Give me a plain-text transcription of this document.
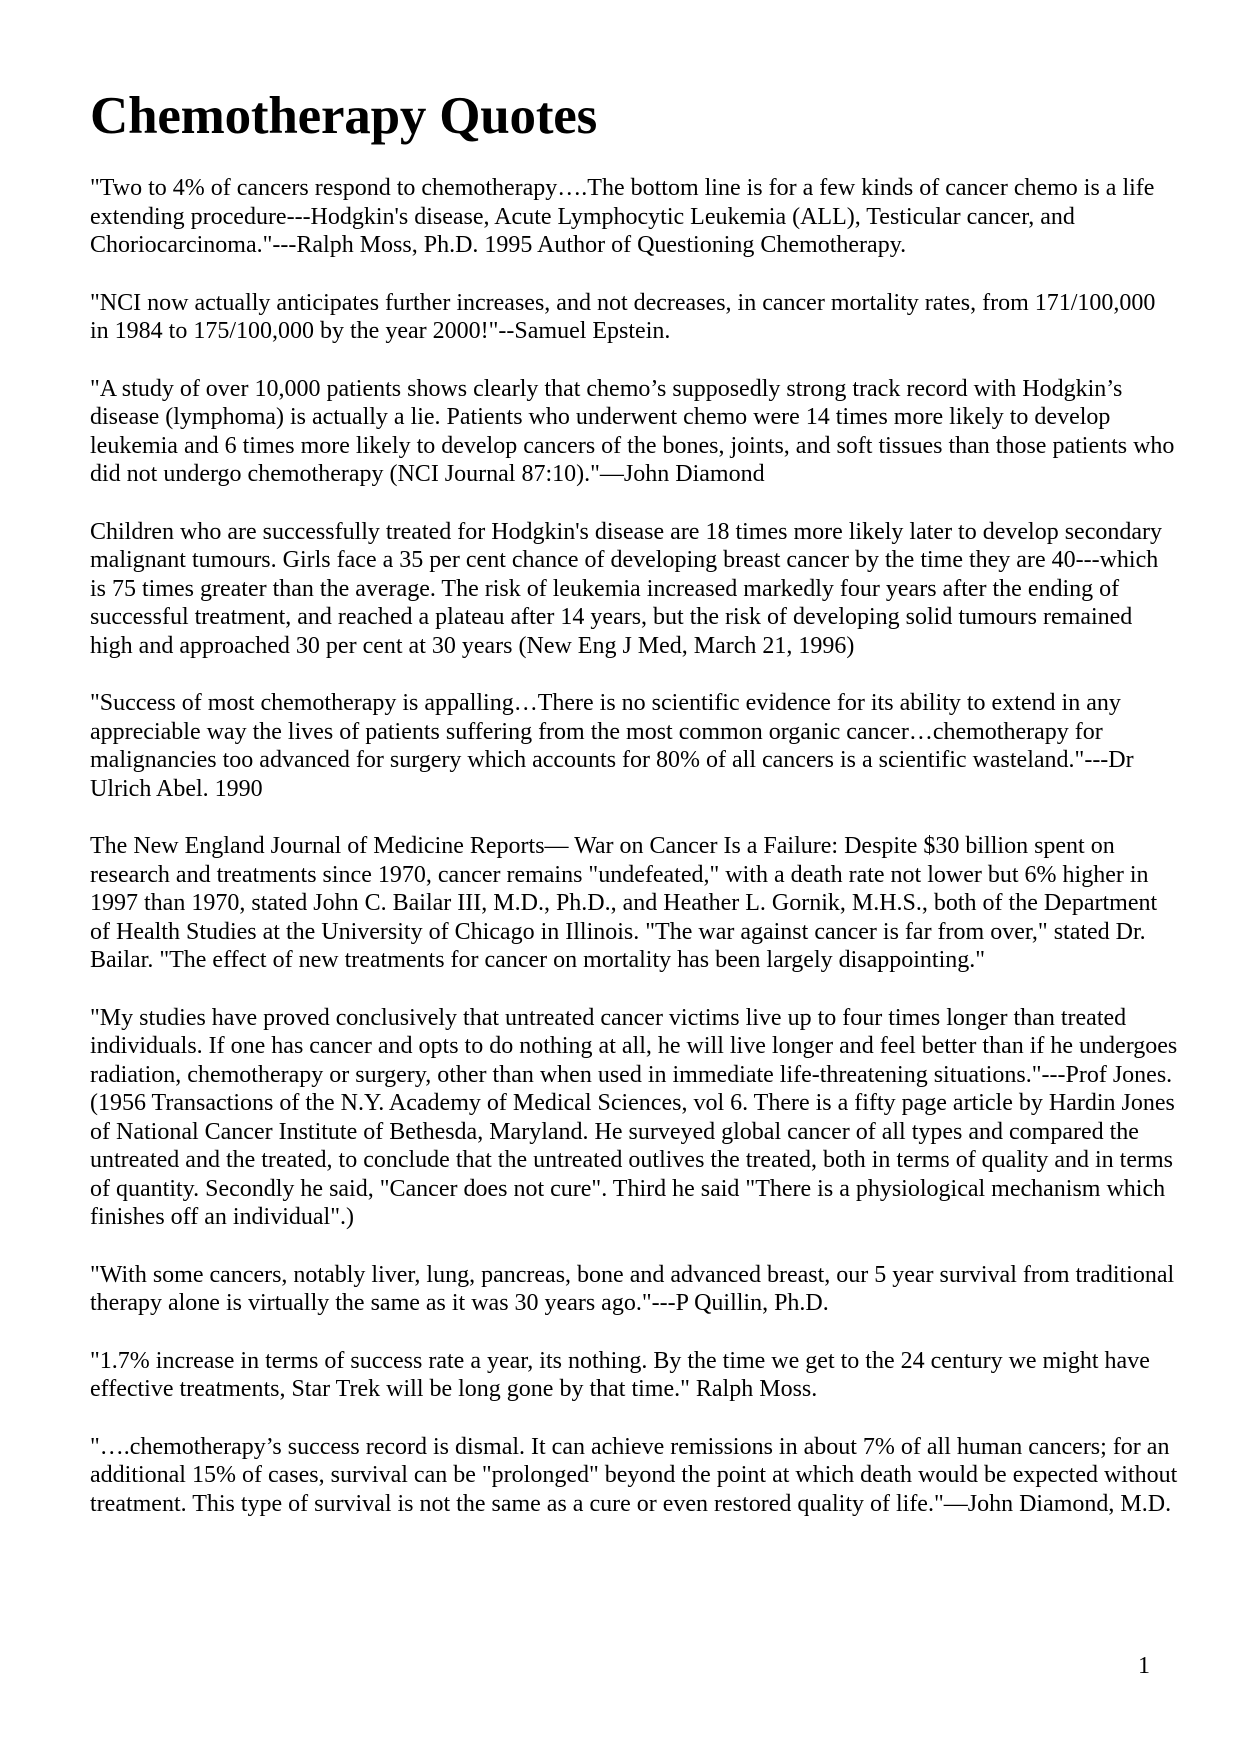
Chemotherapy Quotes

"Two to 4% of cancers respond to chemotherapy….The bottom line is for a few kinds of cancer chemo is a life extending procedure---Hodgkin's disease, Acute Lymphocytic Leukemia (ALL), Testicular cancer, and Choriocarcinoma."---Ralph Moss, Ph.D. 1995 Author of Questioning Chemotherapy.

"NCI now actually anticipates further increases, and not decreases, in cancer mortality rates, from 171/100,000 in 1984 to 175/100,000 by the year 2000!"--Samuel Epstein.

"A study of over 10,000 patients shows clearly that chemo’s supposedly strong track record with Hodgkin’s disease (lymphoma) is actually a lie. Patients who underwent chemo were 14 times more likely to develop leukemia and 6 times more likely to develop cancers of the bones, joints, and soft tissues than those patients who did not undergo chemotherapy (NCI Journal 87:10)."—John Diamond

Children who are successfully treated for Hodgkin's disease are 18 times more likely later to develop secondary malignant tumours. Girls face a 35 per cent chance of developing breast cancer by the time they are 40---which is 75 times greater than the average. The risk of leukemia increased markedly four years after the ending of successful treatment, and reached a plateau after 14 years, but the risk of developing solid tumours remained high and approached 30 per cent at 30 years (New Eng J Med, March 21, 1996)

"Success of most chemotherapy is appalling…There is no scientific evidence for its ability to extend in any appreciable way the lives of patients suffering from the most common organic cancer…chemotherapy for malignancies too advanced for surgery which accounts for 80% of all cancers is a scientific wasteland."---Dr Ulrich Abel. 1990

The New England Journal of Medicine Reports— War on Cancer Is a Failure: Despite $30 billion spent on research and treatments since 1970, cancer remains "undefeated," with a death rate not lower but 6% higher in 1997 than 1970, stated John C. Bailar III, M.D., Ph.D., and Heather L. Gornik, M.H.S., both of the Department of Health Studies at the University of Chicago in Illinois. "The war against cancer is far from over," stated Dr. Bailar. "The effect of new treatments for cancer on mortality has been largely disappointing."

"My studies have proved conclusively that untreated cancer victims live up to four times longer than treated individuals. If one has cancer and opts to do nothing at all, he will live longer and feel better than if he undergoes radiation, chemotherapy or surgery, other than when used in immediate life-threatening situations."---Prof Jones. (1956 Transactions of the N.Y. Academy of Medical Sciences, vol 6. There is a fifty page article by Hardin Jones of National Cancer Institute of Bethesda, Maryland. He surveyed global cancer of all types and compared the untreated and the treated, to conclude that the untreated outlives the treated, both in terms of quality and in terms of quantity. Secondly he said, "Cancer does not cure". Third he said "There is a physiological mechanism which finishes off an individual".)

"With some cancers, notably liver, lung, pancreas, bone and advanced breast, our 5 year survival from traditional therapy alone is virtually the same as it was 30 years ago."---P Quillin, Ph.D.

"1.7% increase in terms of success rate a year, its nothing. By the time we get to the 24 century we might have effective treatments, Star Trek will be long gone by that time." Ralph Moss.

"….chemotherapy’s success record is dismal. It can achieve remissions in about 7% of all human cancers; for an additional 15% of cases, survival can be "prolonged" beyond the point at which death would be expected without treatment. This type of survival is not the same as a cure or even restored quality of life."—John Diamond, M.D.

1
